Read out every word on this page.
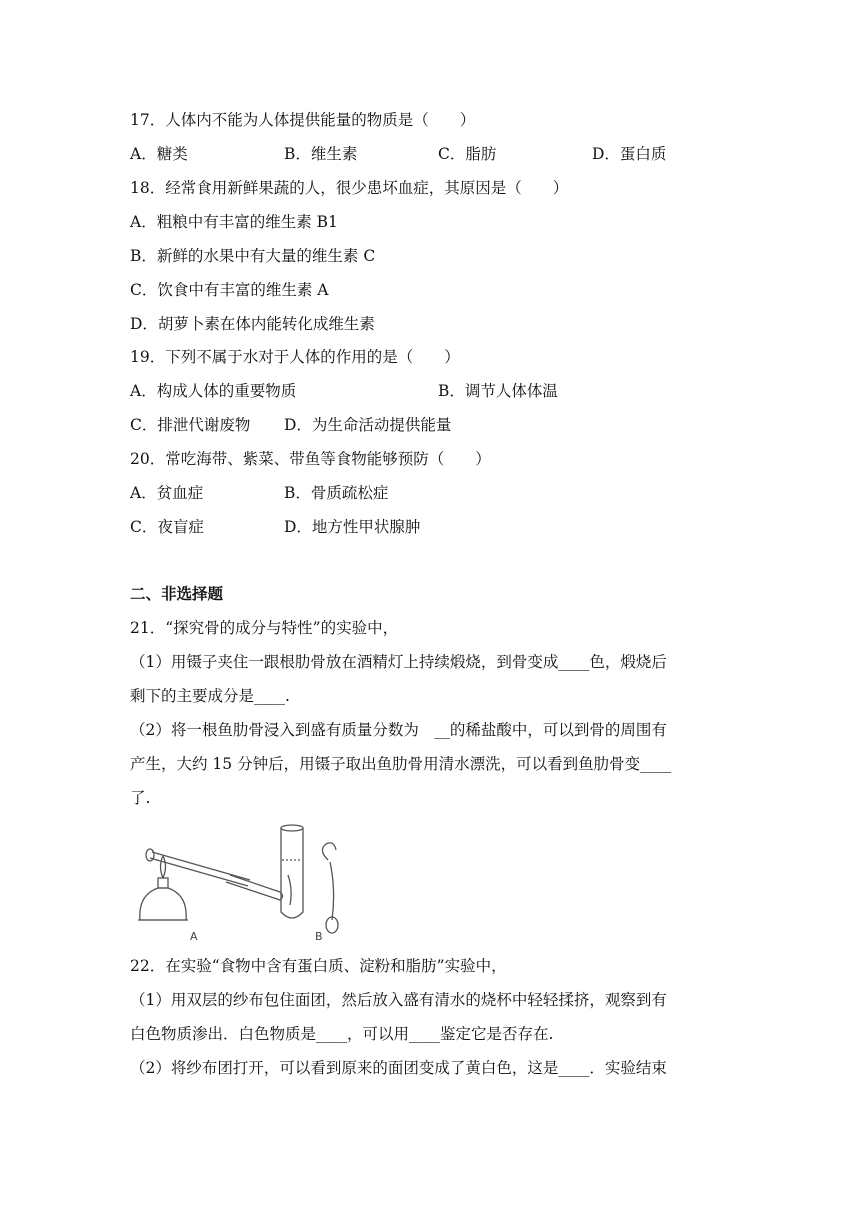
17．人体内不能为人体提供能量的物质是（　　）
A．糖类	B．维生素	C．脂肪	D．蛋白质
18．经常食用新鲜果蔬的人，很少患坏血症，其原因是（　　）
A．粗粮中有丰富的维生素 B1
B．新鲜的水果中有大量的维生素 C
C．饮食中有丰富的维生素 A
D．胡萝卜素在体内能转化成维生素
19．下列不属于水对于人体的作用的是（　　）
A．构成人体的重要物质	B．调节人体体温
C．排泄代谢废物 D．为生命活动提供能量
20．常吃海带、紫菜、带鱼等食物能够预防（　　）
A．贫血症	B．骨质疏松症
C．夜盲症	D．地方性甲状腺肿
二、非选择题
21．“探究骨的成分与特性”的实验中，
（1）用镊子夹住一跟根肋骨放在酒精灯上持续煅烧，到骨变成____色，煅烧后
剩下的主要成分是____.
（2）将一根鱼肋骨浸入到盛有质量分数为　__的稀盐酸中，可以到骨的周围有
产生，大约 15 分钟后，用镊子取出鱼肋骨用清水漂洗，可以看到鱼肋骨变____
了.
A	B
22．在实验“食物中含有蛋白质、淀粉和脂肪”实验中，
（1）用双层的纱布包住面团，然后放入盛有清水的烧杯中轻轻揉挤，观察到有
白色物质渗出．白色物质是____，可以用____鉴定它是否存在.
（2）将纱布团打开，可以看到原来的面团变成了黄白色，这是____．实验结束
